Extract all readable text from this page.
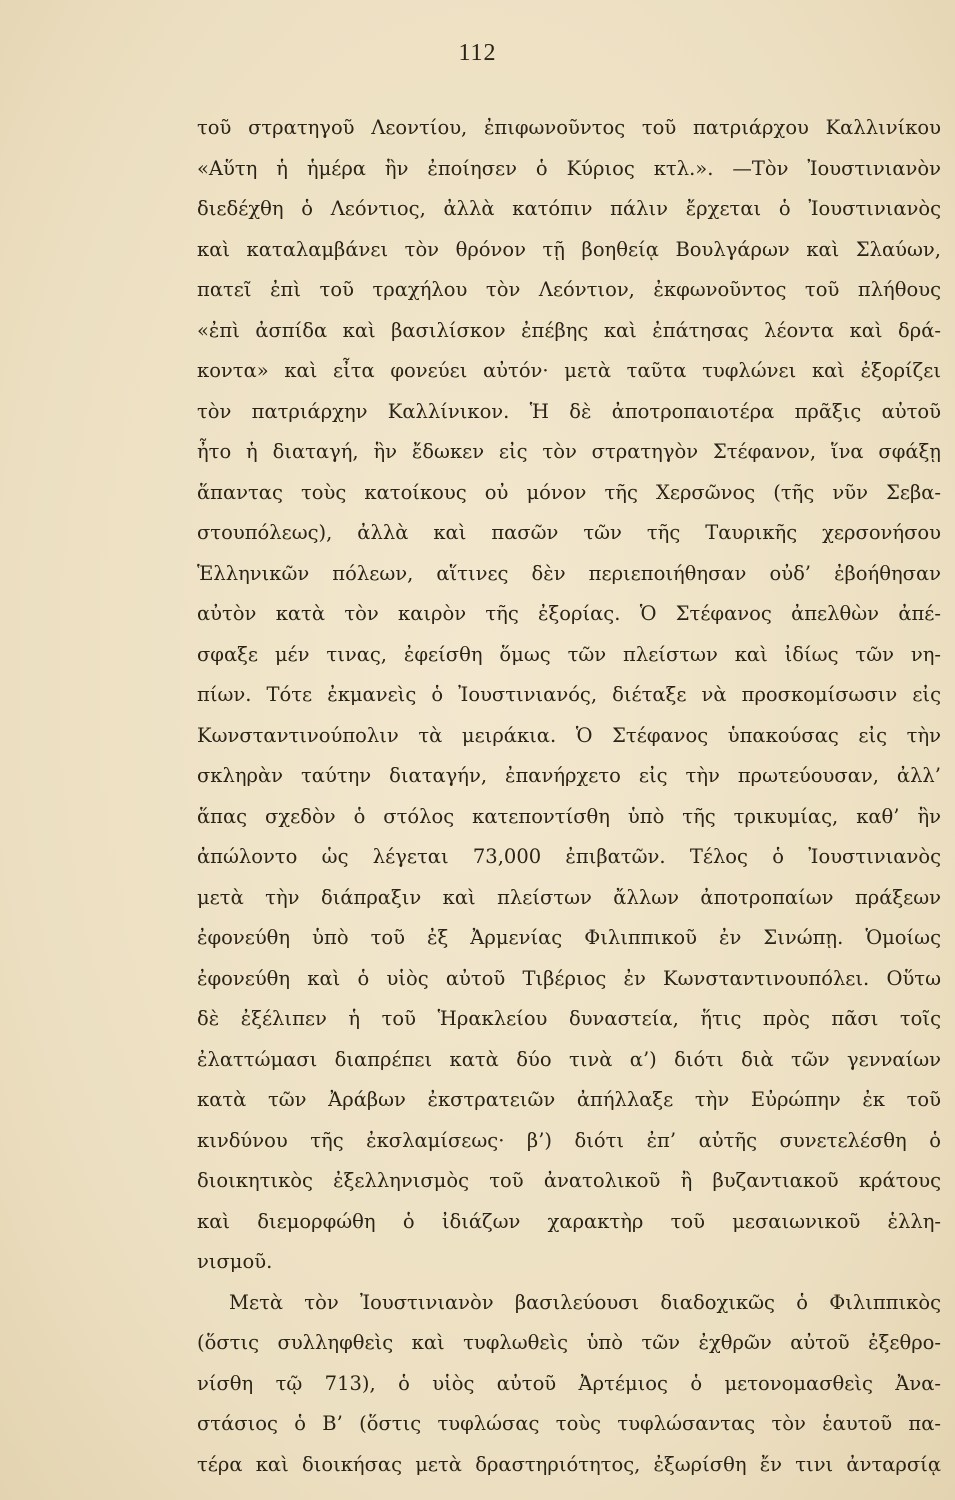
112
τοῦ στρατηγοῦ Λεοντίου, ἐπιφωνοῦντος τοῦ πατριάρχου Καλλινίκου
«Αὕτη ἡ ἡμέρα ἣν ἐποίησεν ὁ Κύριος κτλ.». —Τὸν Ἰουστινιανὸν
διεδέχθη ὁ Λεόντιος, ἀλλὰ κατόπιν πάλιν ἔρχεται ὁ Ἰουστινιανὸς
καὶ καταλαμβάνει τὸν θρόνον τῇ βοηθείᾳ Βουλγάρων καὶ Σλαύων,
πατεῖ ἐπὶ τοῦ τραχήλου τὸν Λεόντιον, ἐκφωνοῦντος τοῦ πλήθους
«ἐπὶ ἀσπίδα καὶ βασιλίσκον ἐπέβης καὶ ἐπάτησας λέοντα καὶ δρά-
κοντα» καὶ εἶτα φονεύει αὐτόν· μετὰ ταῦτα τυφλώνει καὶ ἐξορίζει
τὸν πατριάρχην Καλλίνικον. Ἡ δὲ ἀποτροπαιοτέρα πρᾶξις αὐτοῦ
ἦτο ἡ διαταγή, ἣν ἔδωκεν εἰς τὸν στρατηγὸν Στέφανον, ἵνα σφάξῃ
ἅπαντας τοὺς κατοίκους οὐ μόνον τῆς Χερσῶνος (τῆς νῦν Σεβα-
στουπόλεως), ἀλλὰ καὶ πασῶν τῶν τῆς Ταυρικῆς χερσονήσου
Ἑλληνικῶν πόλεων, αἵτινες δὲν περιεποιήθησαν οὐδ’ ἐβοήθησαν
αὐτὸν κατὰ τὸν καιρὸν τῆς ἐξορίας. Ὁ Στέφανος ἀπελθὼν ἀπέ-
σφαξε μέν τινας, ἐφείσθη ὅμως τῶν πλείστων καὶ ἰδίως τῶν νη-
πίων. Τότε ἐκμανεὶς ὁ Ἰουστινιανός, διέταξε νὰ προσκομίσωσιν εἰς
Κωνσταντινούπολιν τὰ μειράκια. Ὁ Στέφανος ὑπακούσας εἰς τὴν
σκληρὰν ταύτην διαταγήν, ἐπανήρχετο εἰς τὴν πρωτεύουσαν, ἀλλ’
ἅπας σχεδὸν ὁ στόλος κατεποντίσθη ὑπὸ τῆς τρικυμίας, καθ’ ἣν
ἀπώλοντο ὡς λέγεται 73,000 ἐπιβατῶν. Τέλος ὁ Ἰουστινιανὸς
μετὰ τὴν διάπραξιν καὶ πλείστων ἄλλων ἀποτροπαίων πράξεων
ἐφονεύθη ὑπὸ τοῦ ἐξ Ἀρμενίας Φιλιππικοῦ ἐν Σινώπῃ. Ὁμοίως
ἐφονεύθη καὶ ὁ υἱὸς αὐτοῦ Τιβέριος ἐν Κωνσταντινουπόλει. Οὕτω
δὲ ἐξέλιπεν ἡ τοῦ Ἡρακλείου δυναστεία, ἥτις πρὸς πᾶσι τοῖς
ἐλαττώμασι διαπρέπει κατὰ δύο τινὰ α’) διότι διὰ τῶν γενναίων
κατὰ τῶν Ἀράβων ἐκστρατειῶν ἀπήλλαξε τὴν Εὐρώπην ἐκ τοῦ
κινδύνου τῆς ἐκσλαμίσεως· β’) διότι ἐπ’ αὐτῆς συνετελέσθη ὁ
διοικητικὸς ἐξελληνισμὸς τοῦ ἀνατολικοῦ ἢ βυζαντιακοῦ κράτους
καὶ διεμορφώθη ὁ ἰδιάζων χαρακτὴρ τοῦ μεσαιωνικοῦ ἑλλη-
νισμοῦ.
Μετὰ τὸν Ἰουστινιανὸν βασιλεύουσι διαδοχικῶς ὁ Φιλιππικὸς
(ὅστις συλληφθεὶς καὶ τυφλωθεὶς ὑπὸ τῶν ἐχθρῶν αὐτοῦ ἐξεθρο-
νίσθη τῷ 713), ὁ υἱὸς αὐτοῦ Ἀρτέμιος ὁ μετονομασθεὶς Ἀνα-
στάσιος ὁ Β’ (ὅστις τυφλώσας τοὺς τυφλώσαντας τὸν ἑαυτοῦ πα-
τέρα καὶ διοικήσας μετὰ δραστηριότητος, ἐξωρίσθη ἔν τινι ἀνταρσίᾳ
